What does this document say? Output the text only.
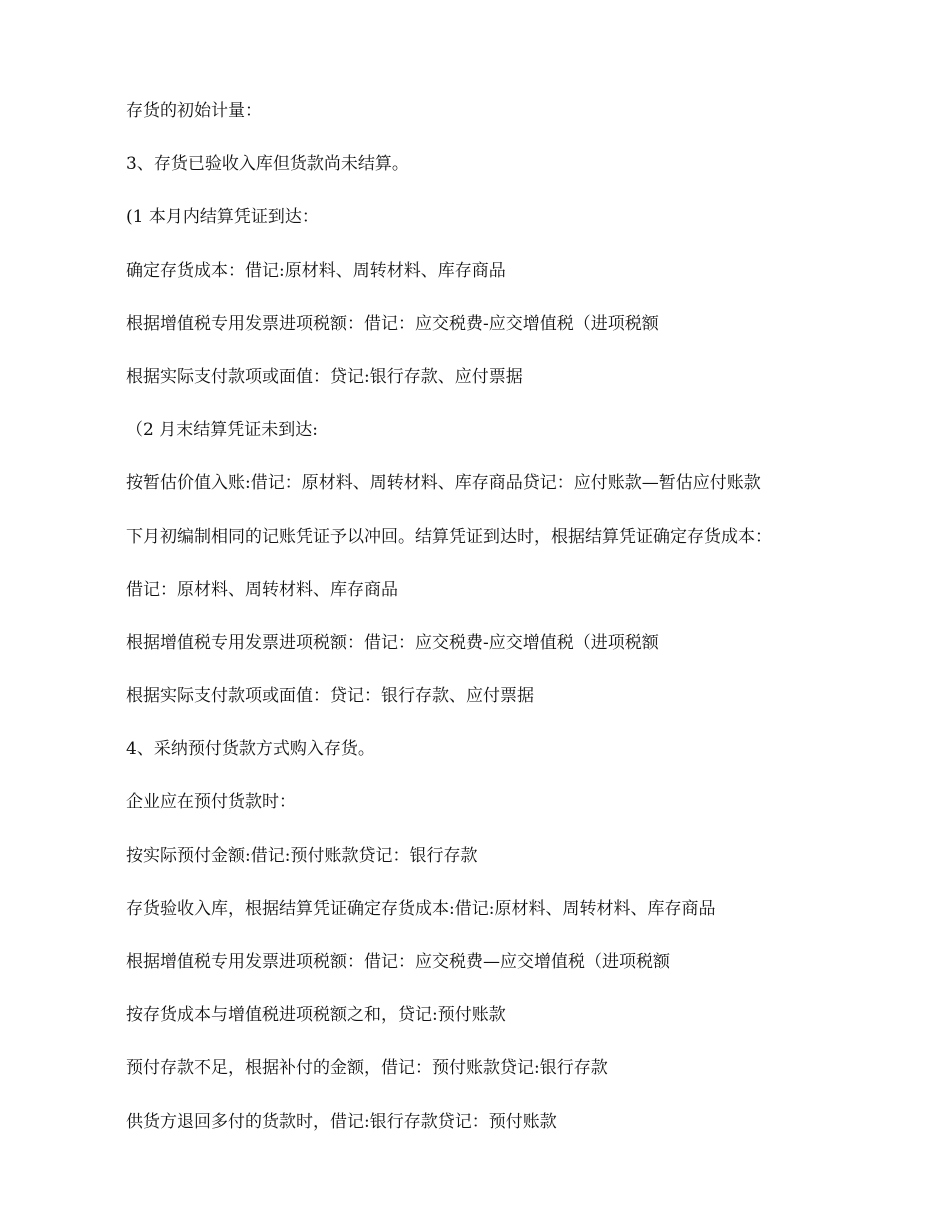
存货的初始计量：
3、存货已验收入库但货款尚未结算。
(1 本月内结算凭证到达：
确定存货成本：借记:原材料、周转材料、库存商品
根据增值税专用发票进项税额：借记：应交税费-应交增值税（进项税额
根据实际支付款项或面值：贷记:银行存款、应付票据
（2 月末结算凭证未到达:
按暂估价值入账:借记：原材料、周转材料、库存商品贷记：应付账款—暂估应付账款
下月初编制相同的记账凭证予以冲回。结算凭证到达时，根据结算凭证确定存货成本：
借记：原材料、周转材料、库存商品
根据增值税专用发票进项税额：借记：应交税费-应交增值税（进项税额
根据实际支付款项或面值：贷记：银行存款、应付票据
4、采纳预付货款方式购入存货。
企业应在预付货款时：
按实际预付金额:借记:预付账款贷记：银行存款
存货验收入库，根据结算凭证确定存货成本:借记:原材料、周转材料、库存商品
根据增值税专用发票进项税额：借记：应交税费—应交增值税（进项税额
按存货成本与增值税进项税额之和，贷记:预付账款
预付存款不足，根据补付的金额，借记：预付账款贷记:银行存款
供货方退回多付的货款时，借记:银行存款贷记：预付账款
